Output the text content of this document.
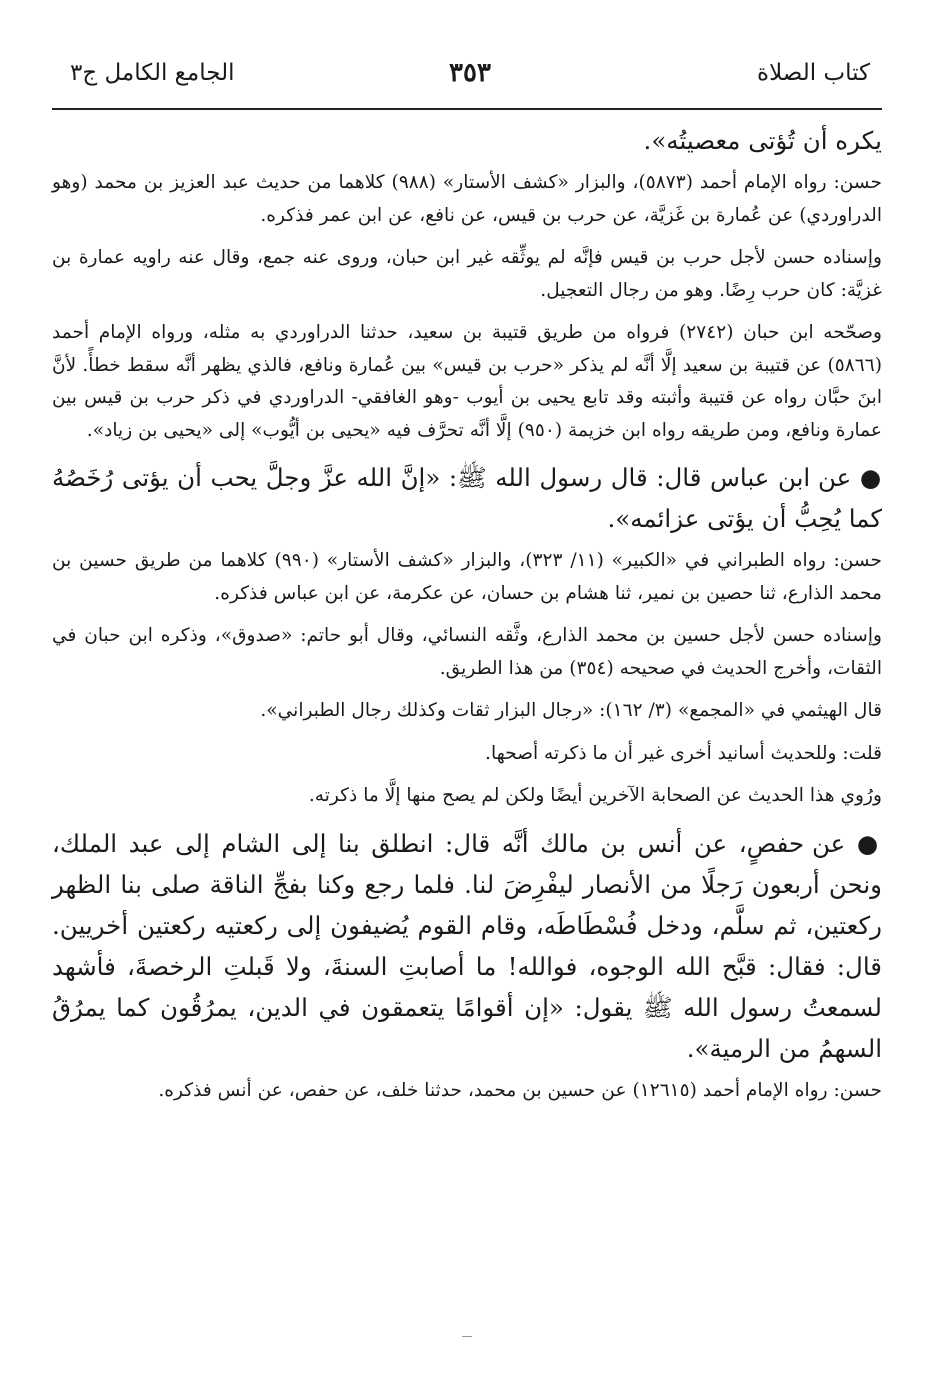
كتاب الصلاة
٣٥٣
الجامع الكامل ج٣

يكره أن تُؤتى معصيتُه».

حسن: رواه الإمام أحمد (٥٨٧٣)، والبزار «كشف الأستار» (٩٨٨) كلاهما من حديث عبد العزيز بن محمد (وهو الدراوردي) عن عُمارة بن غَزيَّة، عن حرب بن قيس، عن نافع، عن ابن عمر فذكره.

وإسناده حسن لأجل حرب بن قيس فإنَّه لم يوثِّقه غير ابن حبان، وروى عنه جمع، وقال عنه راويه عمارة بن غزيَّة: كان حرب رِضًا. وهو من رجال التعجيل.

وصحّحه ابن حبان (٢٧٤٢) فرواه من طريق قتيبة بن سعيد، حدثنا الدراوردي به مثله، ورواه الإمام أحمد (٥٨٦٦) عن قتيبة بن سعيد إلَّا أنَّه لم يذكر «حرب بن قيس» بين عُمارة ونافع، فالذي يظهر أنَّه سقط خطأً. لأنَّ ابنَ حبَّان رواه عن قتيبة وأثبته وقد تابع يحيى بن أيوب -وهو الغافقي- الدراوردي في ذكر حرب بن قيس بين عمارة ونافع، ومن طريقه رواه ابن خزيمة (٩٥٠) إلَّا أنَّه تحرَّف فيه «يحيى بن أيُّوب» إلى «يحيى بن زياد».

● عن ابن عباس قال: قال رسول الله ﷺ: «إنَّ الله عزَّ وجلَّ يحب أن يؤتى رُخَصُهُ كما يُحِبُّ أن يؤتى عزائمه».

حسن: رواه الطبراني في «الكبير» (١١/ ٣٢٣)، والبزار «كشف الأستار» (٩٩٠) كلاهما من طريق حسين بن محمد الذارع، ثنا حصين بن نمير، ثنا هشام بن حسان، عن عكرمة، عن ابن عباس فذكره.

وإسناده حسن لأجل حسين بن محمد الذارع، وثَّقه النسائي، وقال أبو حاتم: «صدوق»، وذكره ابن حبان في الثقات، وأخرج الحديث في صحيحه (٣٥٤) من هذا الطريق.

قال الهيثمي في «المجمع» (٣/ ١٦٢): «رجال البزار ثقات وكذلك رجال الطبراني».

قلت: وللحديث أسانيد أخرى غير أن ما ذكرته أصحها.

ورُوي هذا الحديث عن الصحابة الآخرين أيضًا ولكن لم يصح منها إلَّا ما ذكرته.

● عن حفصٍ، عن أنس بن مالك أنَّه قال: انطلق بنا إلى الشام إلى عبد الملك، ونحن أربعون رَجلًا من الأنصار ليفْرِضَ لنا. فلما رجع وكنا بفجِّ الناقة صلى بنا الظهر ركعتين، ثم سلَّم، ودخل فُسْطَاطَه، وقام القوم يُضيفون إلى ركعتيه ركعتين أخريين. قال: فقال: قبَّح الله الوجوه، فوالله! ما أصابتِ السنةَ، ولا قَبلتِ الرخصةَ، فأشهد لسمعتُ رسول الله ﷺ يقول: «إن أقوامًا يتعمقون في الدين، يمرُقُون كما يمرُقُ السهمُ من الرمية».

حسن: رواه الإمام أحمد (١٢٦١٥) عن حسين بن محمد، حدثنا خلف، عن حفص، عن أنس فذكره.
